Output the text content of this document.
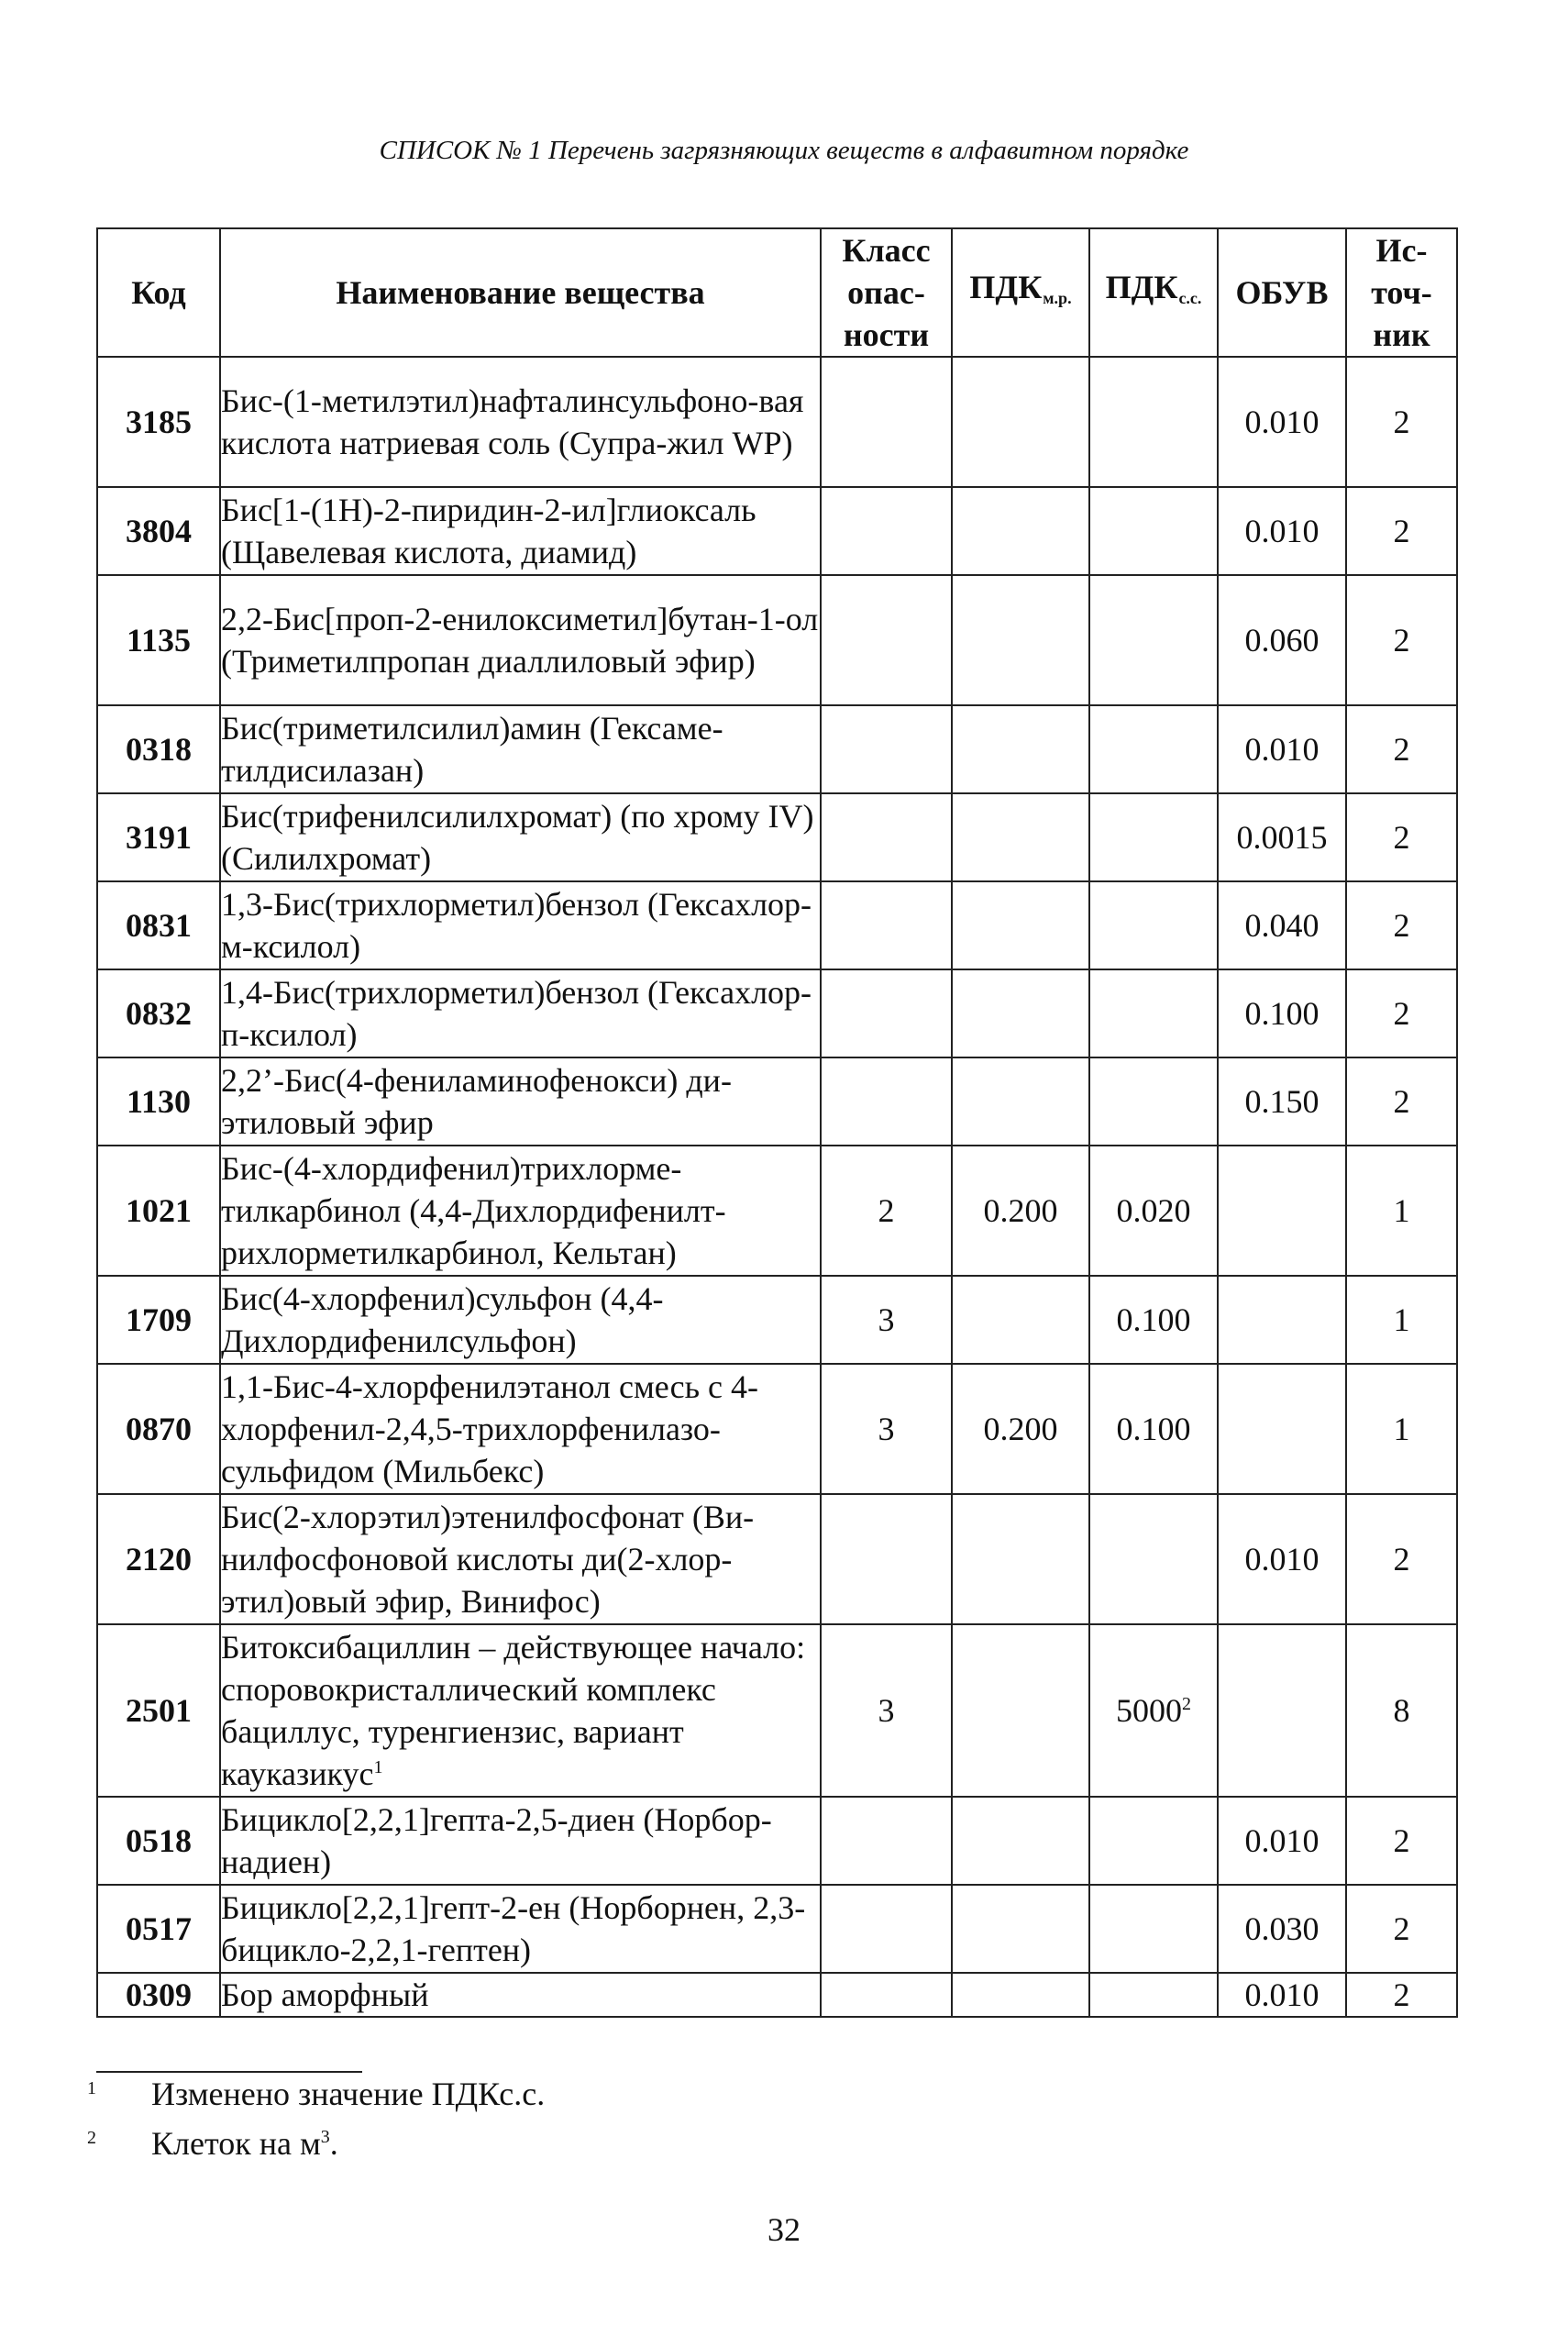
СПИСОК № 1 Перечень загрязняющих веществ в алфавитном порядке
Код	Наименование вещества	Класс опас-ности	ПДКм.р.	ПДКс.с.	ОБУВ	Ис-точ-ник
3185	Бис-(1-метилэтил)нафталинсульфоно-вая кислота натриевая соль (Супра-жил WP)				0.010	2
3804	Бис[1-(1Н)-2-пиридин-2-ил]глиоксаль (Щавелевая кислота, диамид)				0.010	2
1135	2,2-Бис[проп-2-енилоксиметил]бутан-1-ол (Триметилпропан диаллиловый эфир)				0.060	2
0318	Бис(триметилсилил)амин (Гексаме-тилдисилазан)				0.010	2
3191	Бис(трифенилсилилхромат) (по хрому IV) (Силилхромат)				0.0015	2
0831	1,3-Бис(трихлорметил)бензол (Гексахлор-м-ксилол)				0.040	2
0832	1,4-Бис(трихлорметил)бензол (Гексахлор-п-ксилол)				0.100	2
1130	2,2’-Бис(4-фениламинофенокси) ди-этиловый эфир				0.150	2
1021	Бис-(4-хлордифенил)трихлорме-тилкарбинол (4,4-Дихлордифенилт-рихлорметилкарбинол, Кельтан)	2	0.200	0.020		1
1709	Бис(4-хлорфенил)сульфон (4,4-Дихлордифенилсульфон)	3		0.100		1
0870	1,1-Бис-4-хлорфенилэтанол смесь с 4-хлорфенил-2,4,5-трихлорфенилазо-сульфидом (Мильбекс)	3	0.200	0.100		1
2120	Бис(2-хлорэтил)этенилфосфонат (Ви-нилфосфоновой кислоты ди(2-хлор-этил)овый эфир, Винифос)				0.010	2
2501	Битоксибациллин – действующее начало: споровокристаллический комплекс бациллус, туренгиензис, вариант кауказикус$^1$	3		5000$^2$		8
0518	Бицикло[2,2,1]гепта-2,5-диен (Норбор-надиен)				0.010	2
0517	Бицикло[2,2,1]гепт-2-ен (Норборнен, 2,3-бицикло-2,2,1-гептен)				0.030	2
0309	Бор аморфный				0.010	2
1 Изменено значение ПДКс.с.
2 Клеток на $м^3$.
32
